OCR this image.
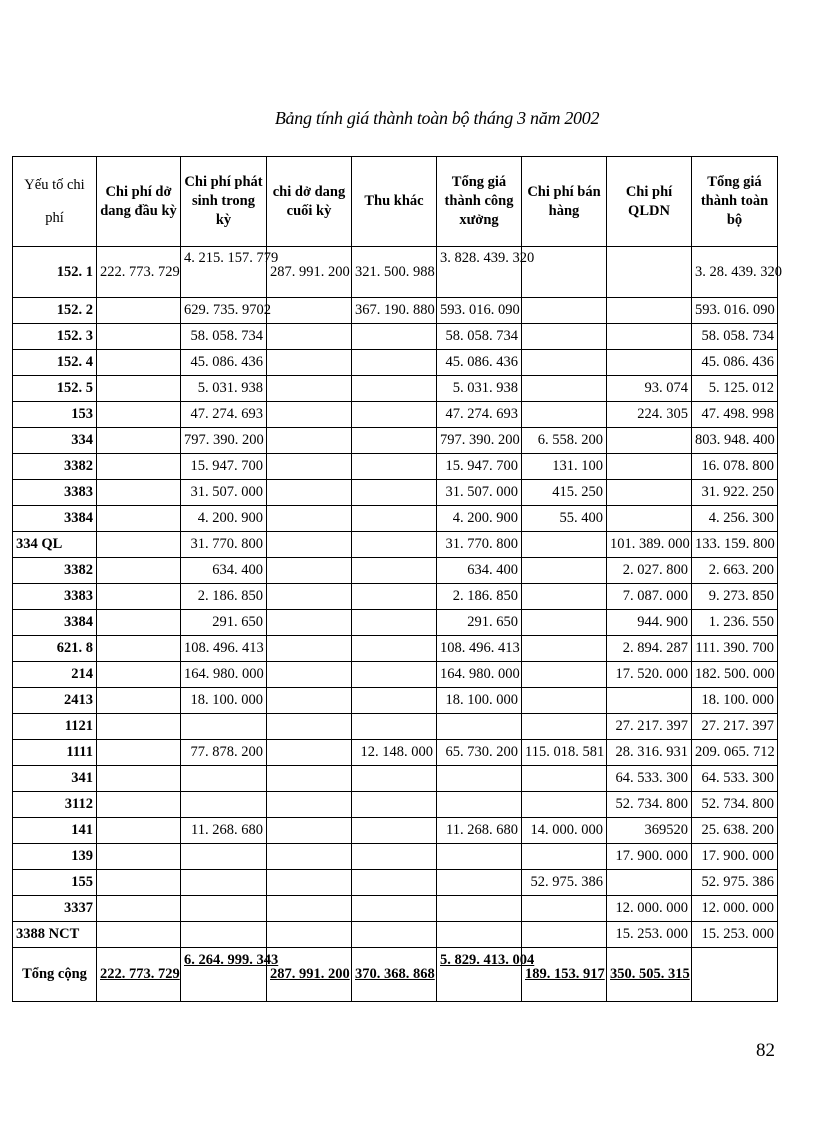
Bảng tính giá thành toàn bộ tháng 3 năm 2002
Yếu tố chi phí	Chi phí dở dang đầu kỳ	Chi phí phát sinh trong kỳ	chi dở dang cuối kỳ	Thu khác	Tổng giá thành công xưởng	Chi phí bán hàng	Chi phí QLDN	Tổng giá thành toàn bộ
152. 1	222. 773. 729	4. 215. 157. 779	287. 991. 200	321. 500. 988	3. 828. 439. 320			3. 28. 439. 320
152. 2		629. 735. 9702		367. 190. 880	593. 016. 090			593. 016. 090
152. 3		58. 058. 734			58. 058. 734			58. 058. 734
152. 4		45. 086. 436			45. 086. 436			45. 086. 436
152. 5		5. 031. 938			5. 031. 938		93. 074	5. 125. 012
153		47. 274. 693			47. 274. 693		224. 305	47. 498. 998
334		797. 390. 200			797. 390. 200	6. 558. 200		803. 948. 400
3382		15. 947. 700			15. 947. 700	131. 100		16. 078. 800
3383		31. 507. 000			31. 507. 000	415. 250		31. 922. 250
3384		4. 200. 900			4. 200. 900	55. 400		4. 256. 300
334 QL		31. 770. 800			31. 770. 800		101. 389. 000	133. 159. 800
3382		634. 400			634. 400		2. 027. 800	2. 663. 200
3383		2. 186. 850			2. 186. 850		7. 087. 000	9. 273. 850
3384		291. 650			291. 650		944. 900	1. 236. 550
621. 8		108. 496. 413			108. 496. 413		2. 894. 287	111. 390. 700
214		164. 980. 000			164. 980. 000		17. 520. 000	182. 500. 000
2413		18. 100. 000			18. 100. 000			18. 100. 000
1121							27. 217. 397	27. 217. 397
1111		77. 878. 200		12. 148. 000	65. 730. 200	115. 018. 581	28. 316. 931	209. 065. 712
341							64. 533. 300	64. 533. 300
3112							52. 734. 800	52. 734. 800
141		11. 268. 680			11. 268. 680	14. 000. 000	369520	25. 638. 200
139							17. 900. 000	17. 900. 000
155						52. 975. 386		52. 975. 386
3337							12. 000. 000	12. 000. 000
3388 NCT							15. 253. 000	15. 253. 000
Tổng cộng	222. 773. 729	6. 264. 999. 343	287. 991. 200	370. 368. 868	5. 829. 413. 004	189. 153. 917	350. 505. 315	
82
